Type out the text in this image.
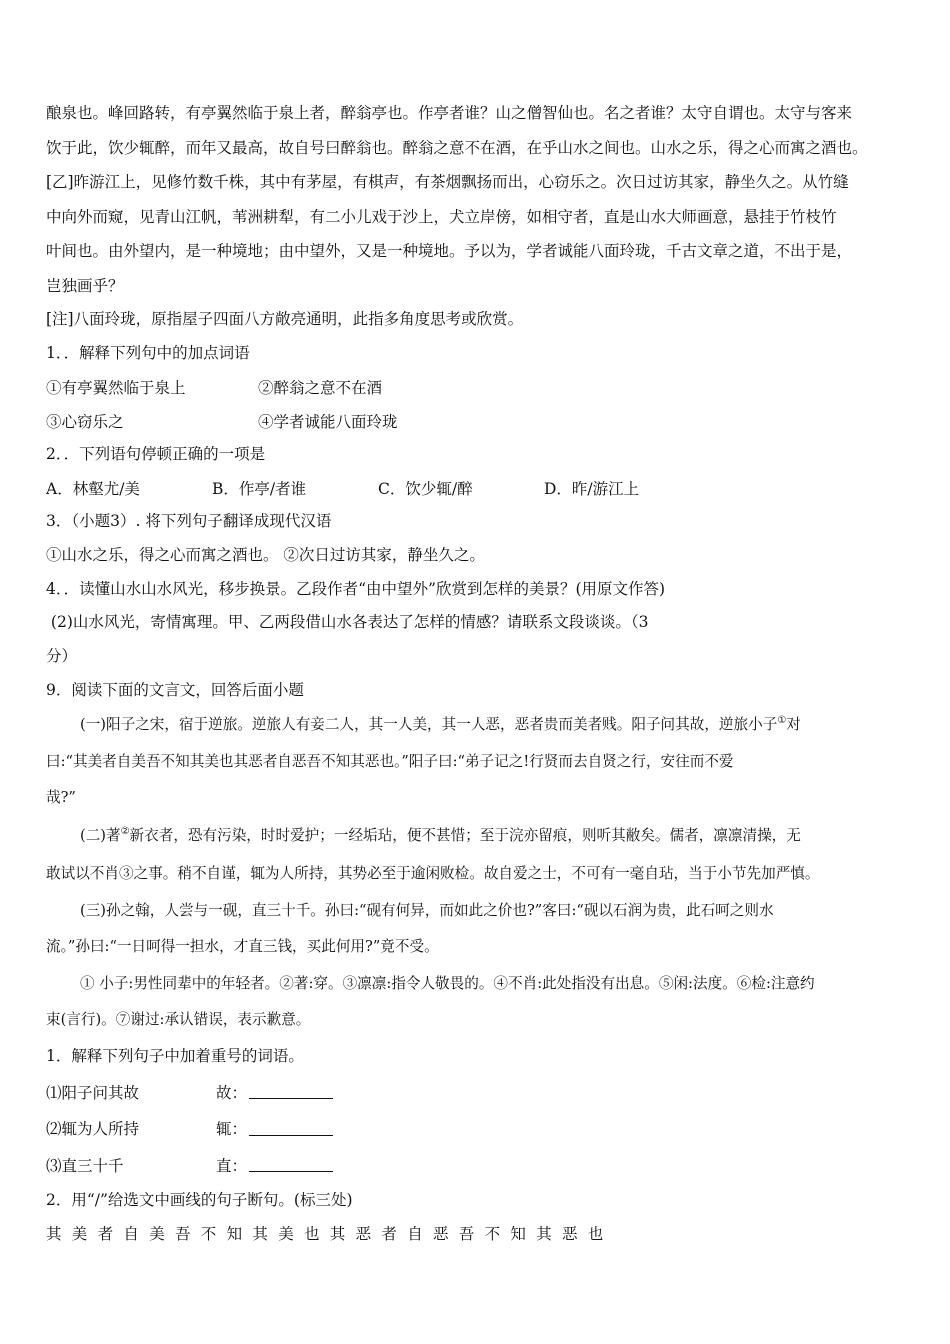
酿泉也。峰回路转，有亭翼然临于泉上者，醉翁亭也。作亭者谁？山之僧智仙也。名之者谁？太守自谓也。太守与客来
饮于此，饮少辄醉，而年又最高，故自号曰醉翁也。醉翁之意不在酒，在乎山水之间也。山水之乐，得之心而寓之酒也。
[乙]昨游江上，见修竹数千株，其中有茅屋，有棋声，有茶烟飘扬而出，心窃乐之。次日过访其家，静坐久之。从竹缝
中向外而窥，见青山江帆，苇洲耕犁，有二小儿戏于沙上，犬立岸傍，如相守者，直是山水大师画意，悬挂于竹枝竹
叶间也。由外望内，是一种境地；由中望外，又是一种境地。予以为，学者诚能八面玲珑，千古文章之道，不出于是，
岂独画乎？
[注]八面玲珑，原指屋子四面八方敞亮通明，此指多角度思考或欣赏。
1．．解释下列句中的加点词语
①有亭翼然临于泉上	②醉翁之意不在酒
③心窃乐之	④学者诚能八面玲珑
2．．下列语句停顿正确的一项是
A．林壑尤/美	B．作亭/者谁	C．饮少辄/醉	D．昨/游江上
3．（小题3）. 将下列句子翻译成现代汉语
①山水之乐，得之心而寓之酒也。 ②次日过访其家，静坐久之。
4．．读懂山水山水风光，移步换景。乙段作者“由中望外”欣赏到怎样的美景？(用原文作答)
(2)山水风光，寄情寓理。甲、乙两段借山水各表达了怎样的情感？请联系文段谈谈。（3
分）
9．阅读下面的文言文，回答后面小题
(一)阳子之宋，宿于逆旅。逆旅人有妾二人，其一人美，其一人恶，恶者贵而美者贱。阳子问其故，逆旅小子①对
曰:“其美者自美吾不知其美也其恶者自恶吾不知其恶也。”阳子曰:“弟子记之!行贤而去自贤之行，安往而不爱
哉?”
(二)著②新衣者，恐有污染，时时爱护；一经垢玷，便不甚惜；至于浣亦留痕，则听其敝矣。儒者，凛凛清操，无
敢试以不肖③之事。稍不自谨，辄为人所持，其势必至于逾闲败检。故自爱之士，不可有一毫自玷，当于小节先加严慎。
(三)孙之翰，人尝与一砚，直三十千。孙曰:“砚有何异，而如此之价也?”客曰:“砚以石润为贵，此石呵之则水
流。”孙曰:“一日呵得一担水，才直三钱，买此何用?”竟不受。
① 小子:男性同辈中的年轻者。②著:穿。③凛凛:指令人敬畏的。④不肖:此处指没有出息。⑤闲:法度。⑥检:注意约
束(言行)。⑦谢过:承认错误，表示歉意。
1．解释下列句子中加着重号的词语。
⑴阳子问其故	故：
⑵辄为人所持	辄：
⑶直三十千	直：
2．用“/”给选文中画线的句子断句。(标三处)
其美者自美吾不知其美也其恶者自恶吾不知其恶也
